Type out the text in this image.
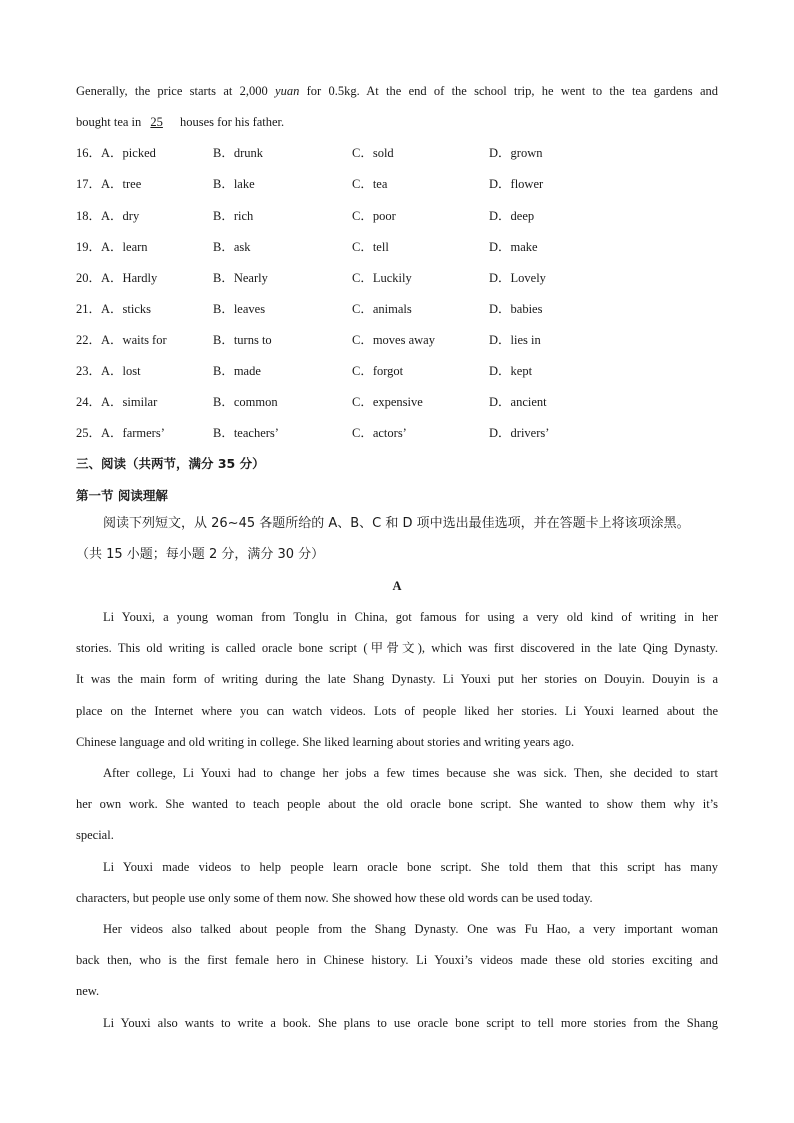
Generally, the price starts at 2,000 yuan for 0.5kg. At the end of the school trip, he went to the tea gardens and
bought tea in 25 houses for his father.
16．A．picked	B．drunk	C．sold	D．grown
17．A．tree	B．lake	C．tea	D．flower
18．A．dry	B．rich	C．poor	D．deep
19．A．learn	B．ask	C．tell	D．make
20．A．Hardly	B．Nearly	C．Luckily	D．Lovely
21．A．sticks	B．leaves	C．animals	D．babies
22．A．waits for	B．turns to	C．moves away	D．lies in
23．A．lost	B．made	C．forgot	D．kept
24．A．similar	B．common	C．expensive	D．ancient
25．A．farmers’	B．teachers’	C．actors’	D．drivers’
三、阅读（共两节，满分 35 分）
第一节 阅读理解
阅读下列短文，从 26~45 各题所给的 A、B、C 和 D 项中选出最佳选项，并在答题卡上将该项涂黑。
（共 15 小题；每小题 2 分，满分 30 分）
A
Li Youxi, a young woman from Tonglu in China, got famous for using a very old kind of writing in her
stories. This old writing is called oracle bone script (甲骨文), which was first discovered in the late Qing Dynasty.
It was the main form of writing during the late Shang Dynasty. Li Youxi put her stories on Douyin. Douyin is a
place on the Internet where you can watch videos. Lots of people liked her stories. Li Youxi learned about the
Chinese language and old writing in college. She liked learning about stories and writing years ago.
After college, Li Youxi had to change her jobs a few times because she was sick. Then, she decided to start
her own work. She wanted to teach people about the old oracle bone script. She wanted to show them why it’s
special.
Li Youxi made videos to help people learn oracle bone script. She told them that this script has many
characters, but people use only some of them now. She showed how these old words can be used today.
Her videos also talked about people from the Shang Dynasty. One was Fu Hao, a very important woman
back then, who is the first female hero in Chinese history. Li Youxi’s videos made these old stories exciting and
new.
Li Youxi also wants to write a book. She plans to use oracle bone script to tell more stories from the Shang
